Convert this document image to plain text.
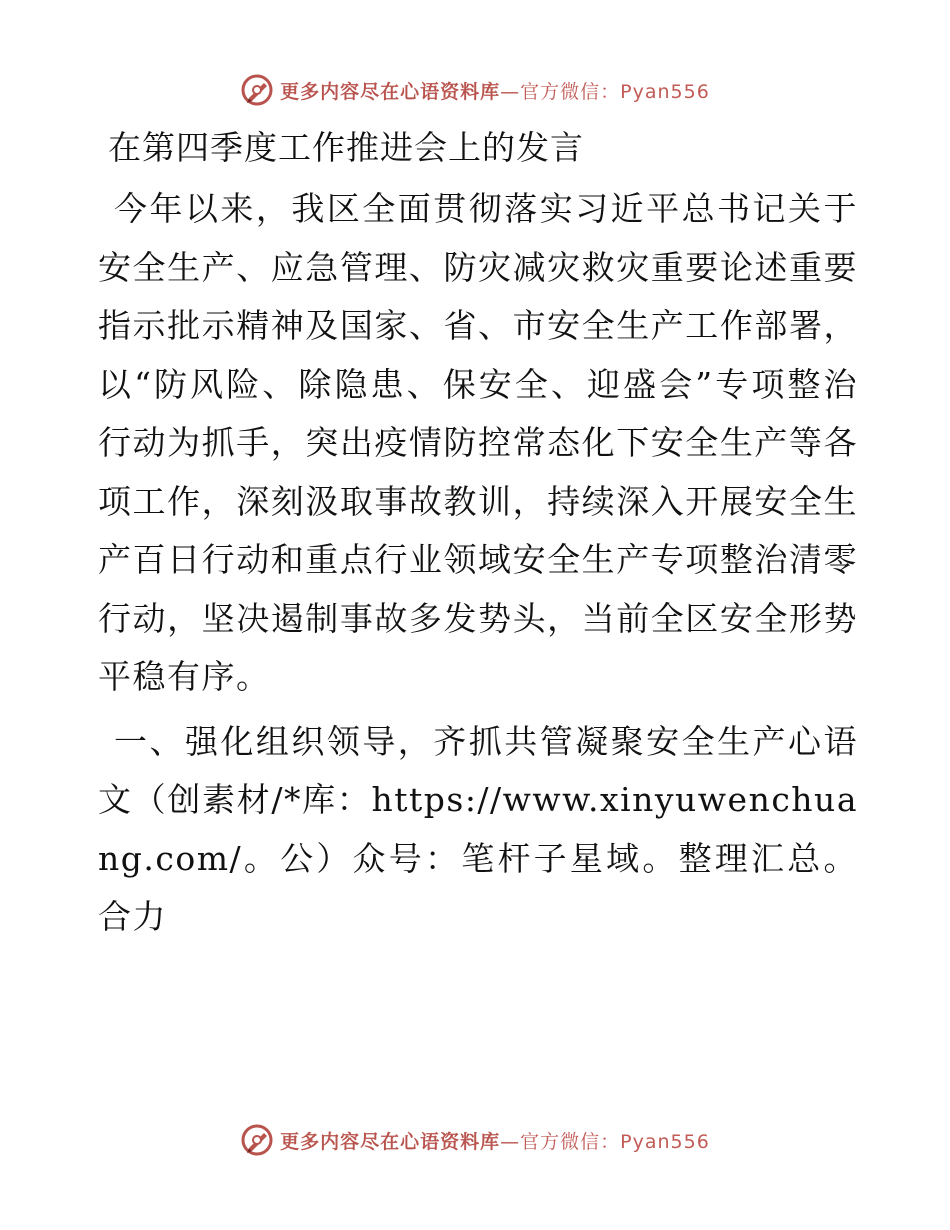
更多内容尽在心语资料库—官方微信：Pyan556
在第四季度工作推进会上的发言

今年以来，我区全面贯彻落实习近平总书记关于安全生产、应急管理、防灾减灾救灾重要论述重要指示批示精神及国家、省、市安全生产工作部署，以“防风险、除隐患、保安全、迎盛会”专项整治行动为抓手，突出疫情防控常态化下安全生产等各项工作，深刻汲取事故教训，持续深入开展安全生产百日行动和重点行业领域安全生产专项整治清零行动，坚决遏制事故多发势头，当前全区安全形势平稳有序。

一、强化组织领导，齐抓共管凝聚安全生产心语文（创素材/*库：https://www.xinyuwenchuang.com/。公）众号：笔杆子星域。整理汇总。合力

更多内容尽在心语资料库—官方微信：Pyan556
